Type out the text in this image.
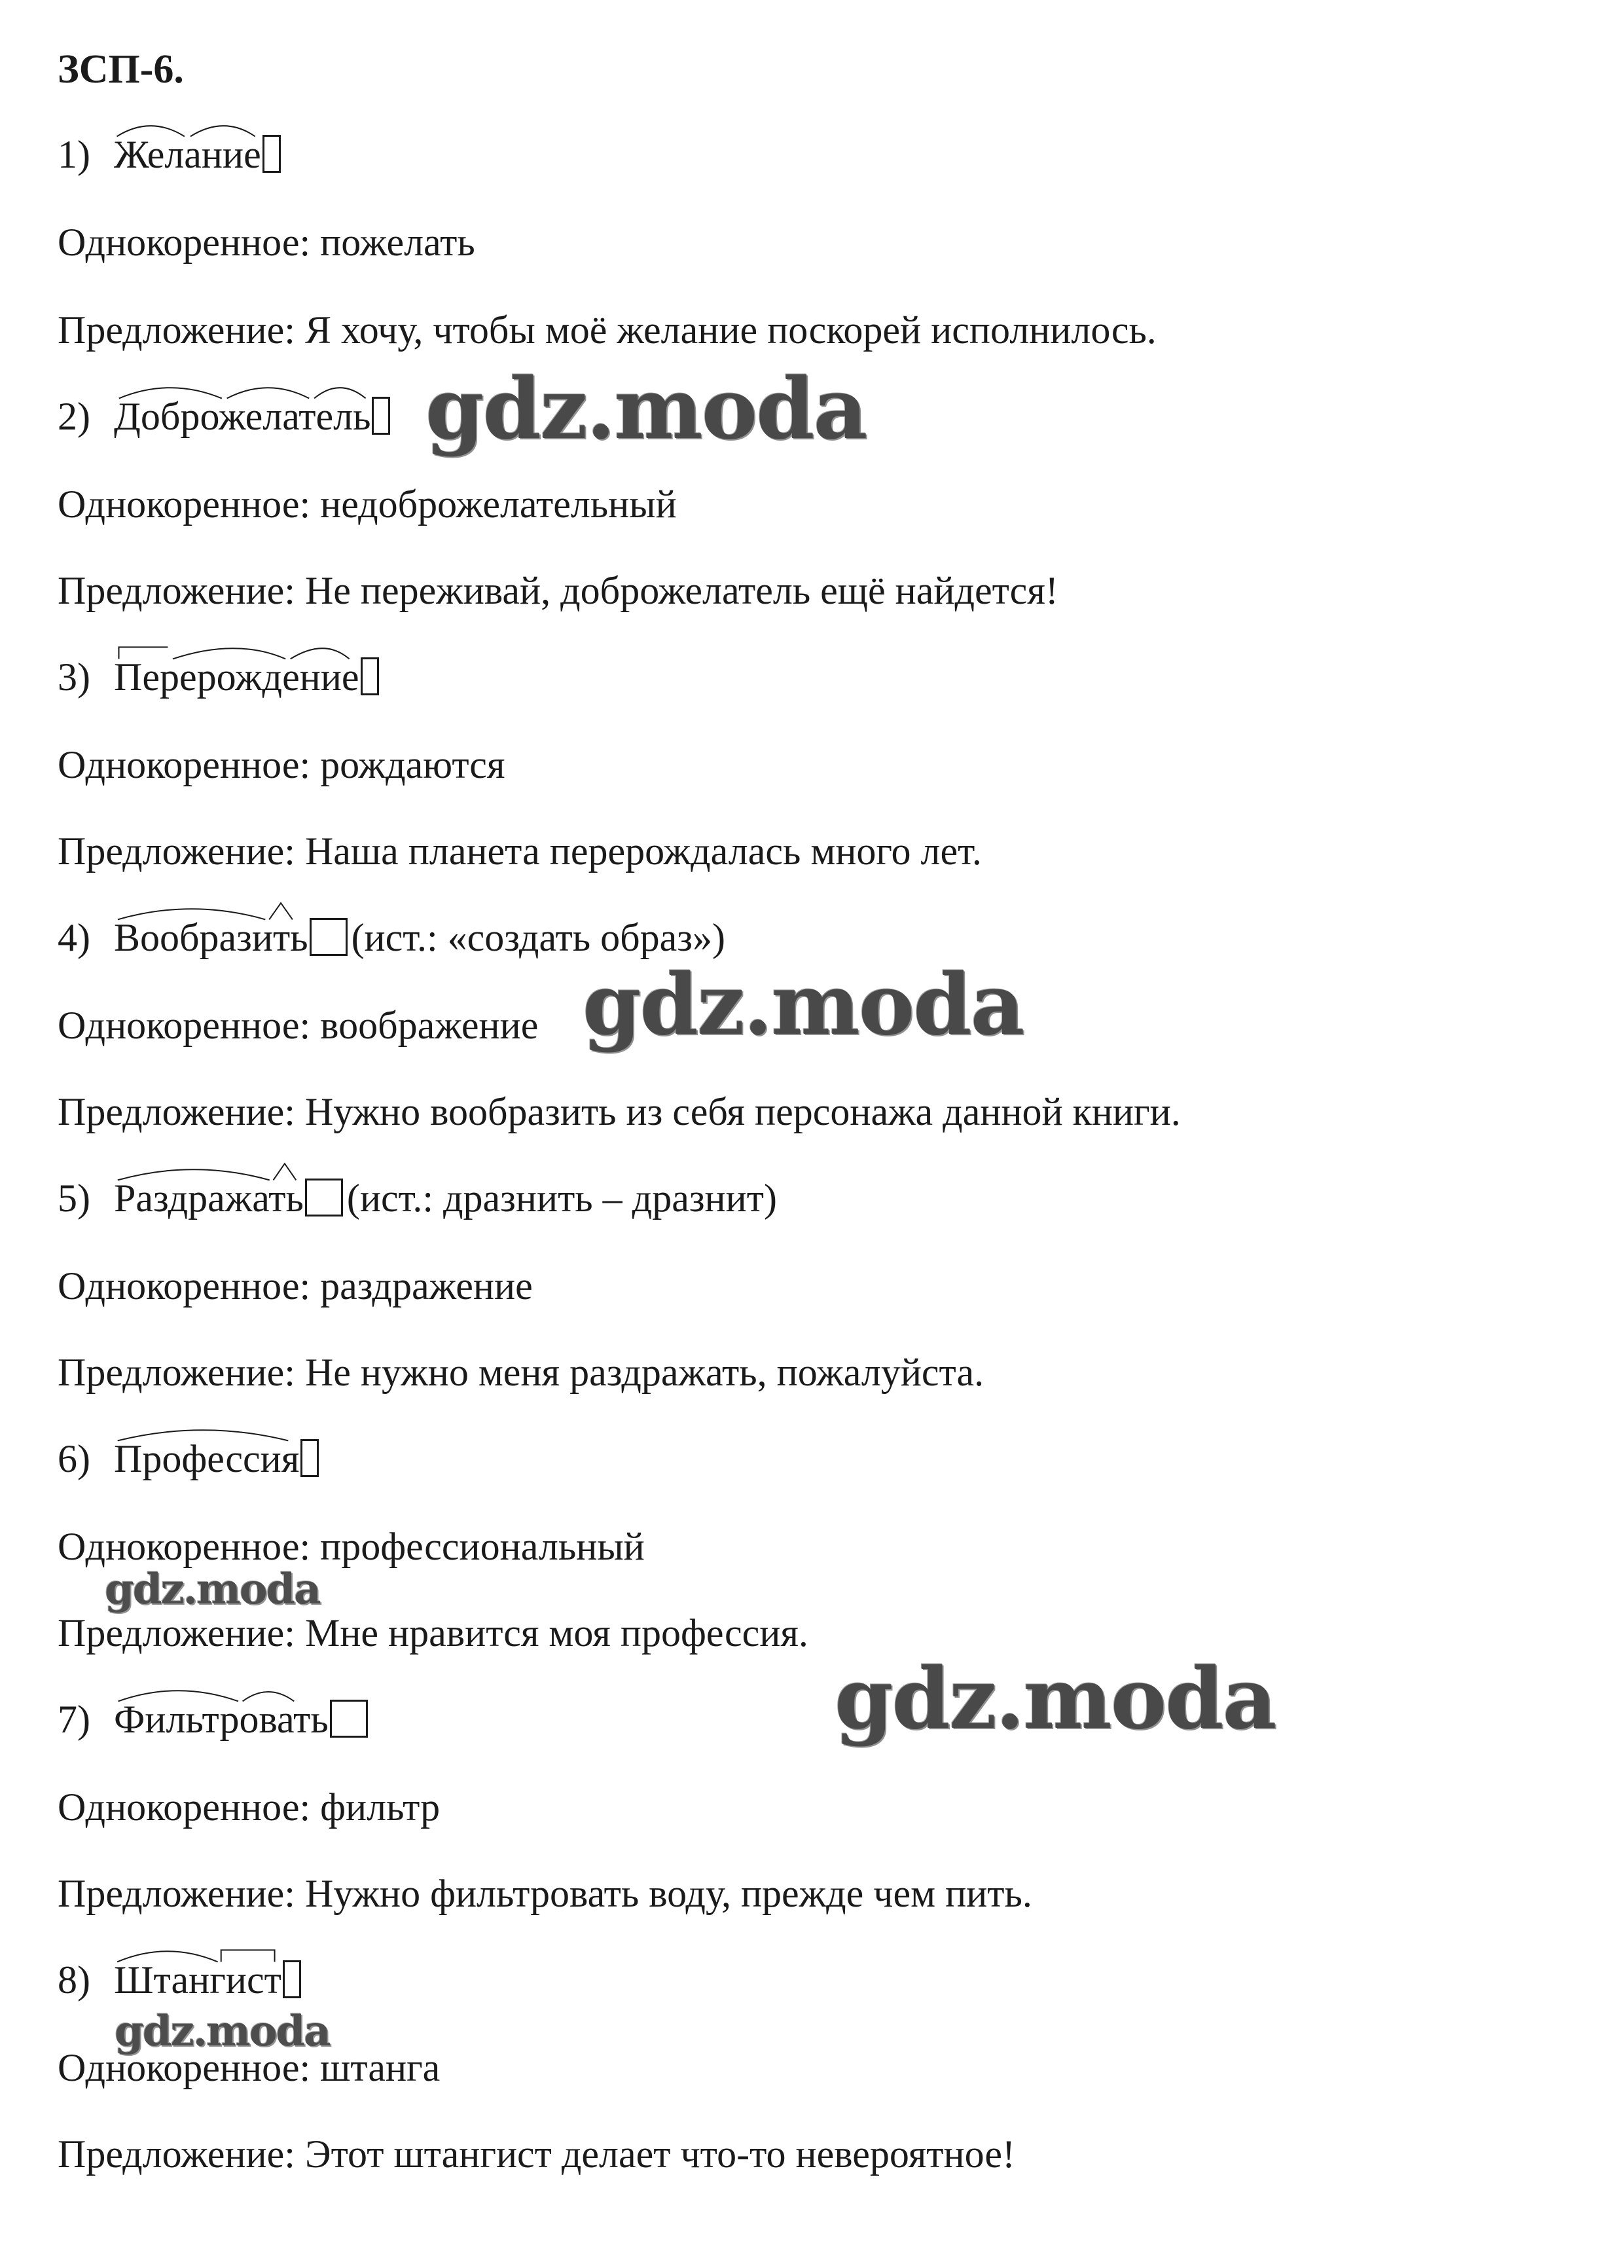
ЗСП-6.
1) Желание
Однокоренное: пожелать
Предложение: Я хочу, чтобы моё желание поскорей исполнилось.
2) Доброжелатель
Однокоренное: недоброжелательный
Предложение: Не переживай, доброжелатель ещё найдется!
3) Перерождение
Однокоренное: рождаются
Предложение: Наша планета перерождалась много лет.
4) Вообразить (ист.: «создать образ»)
Однокоренное: воображение
Предложение: Нужно вообразить из себя персонажа данной книги.
5) Раздражать (ист.: дразнить – дразнит)
Однокоренное: раздражение
Предложение: Не нужно меня раздражать, пожалуйста.
6) Профессия
Однокоренное: профессиональный
Предложение: Мне нравится моя профессия.
7) Фильтровать
Однокоренное: фильтр
Предложение: Нужно фильтровать воду, прежде чем пить.
8) Штангист
Однокоренное: штанга
Предложение: Этот штангист делает что-то невероятное!
gdz.moda
gdz.moda
gdz.moda
gdz.moda
gdz.moda
